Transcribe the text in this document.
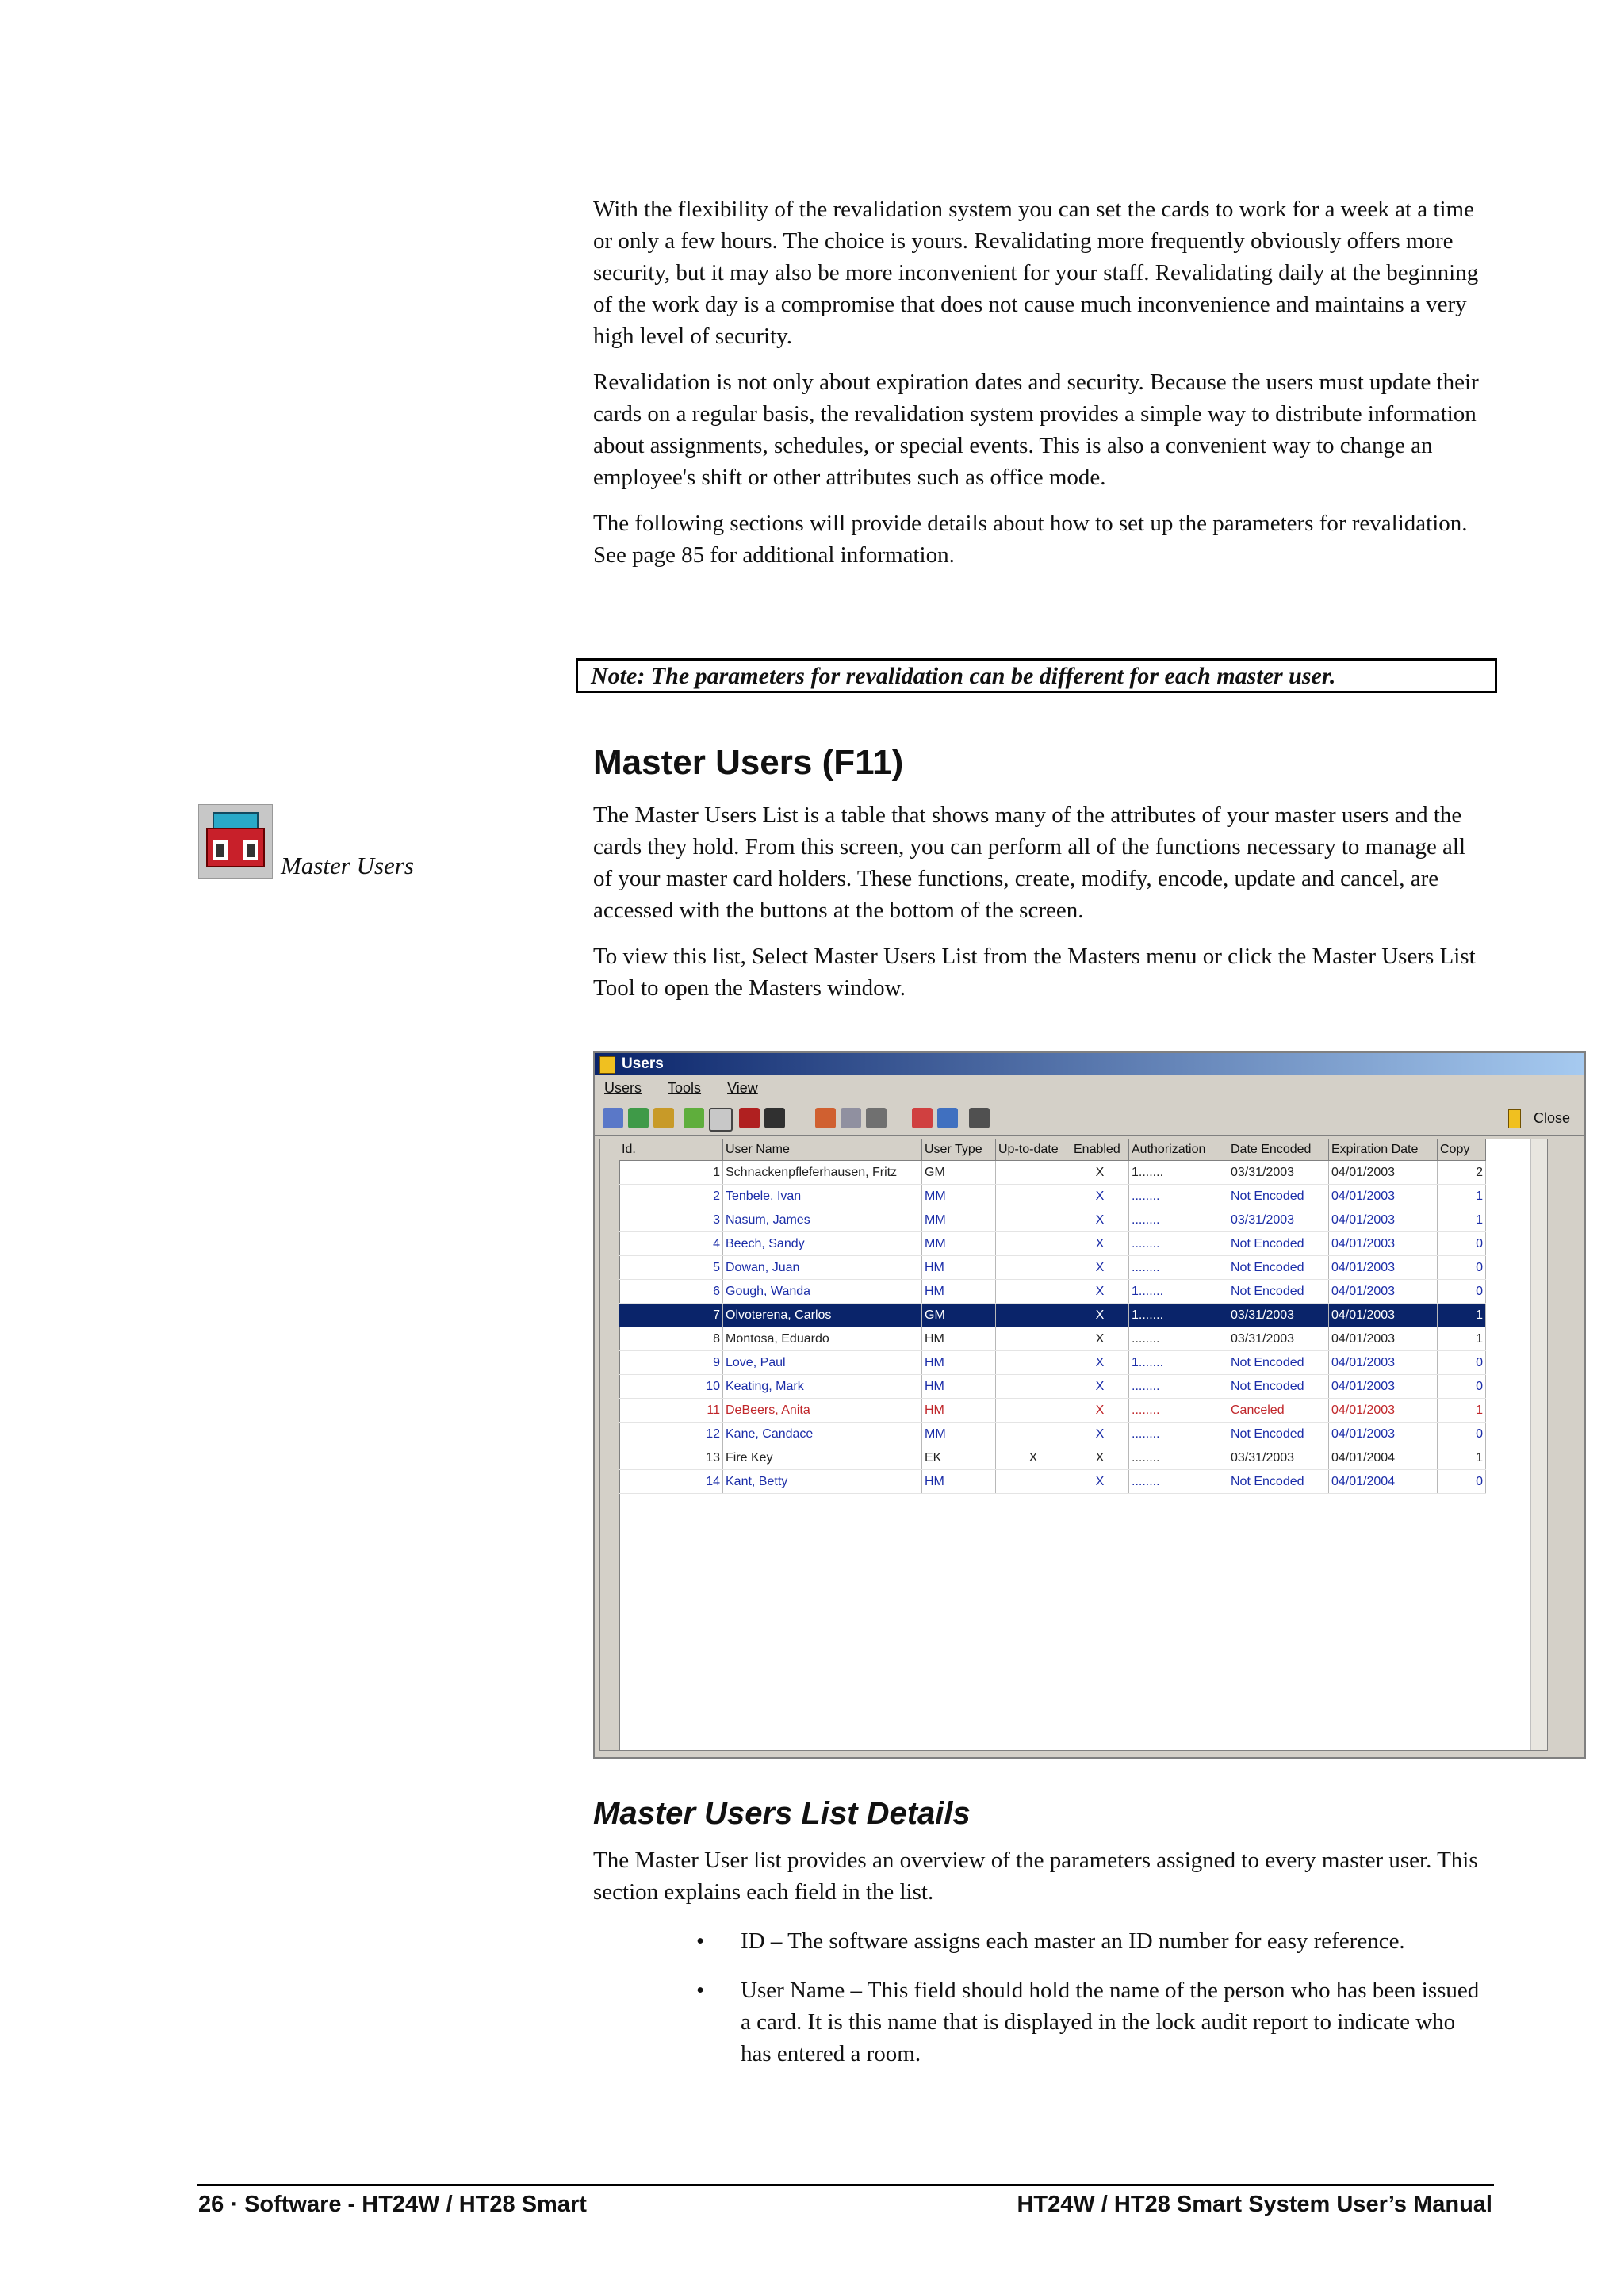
With the flexibility of the revalidation system you can set the cards to work for a week at a time or only a few hours. The choice is yours. Revalidating more frequently obviously offers more security, but it may also be more inconvenient for your staff. Revalidating daily at the beginning of the work day is a compromise that does not cause much inconvenience and maintains a very high level of security.

Revalidation is not only about expiration dates and security. Because the users must update their cards on a regular basis, the revalidation system provides a simple way to distribute information about assignments, schedules, or special events. This is also a convenient way to change an employee's shift or other attributes such as office mode.

The following sections will provide details about how to set up the parameters for revalidation. See page 85 for additional information.

Note: The parameters for revalidation can be different for each master user.
Master Users (F11)
Master Users

The Master Users List is a table that shows many of the attributes of your master users and the cards they hold. From this screen, you can perform all of the functions necessary to manage all of your master card holders. These functions, create, modify, encode, update and cancel, are accessed with the buttons at the bottom of the screen.

To view this list, Select Master Users List from the Masters menu or click the Master Users List Tool to open the Masters window.

Users
Users Tools View
Close
Id.	User Name	User Type	Up-to-date	Enabled	Authorization	Date Encoded	Expiration Date	Copy
1	Schnackenpfleferhausen, Fritz	GM		X	1.......	03/31/2003	04/01/2003	2
2	Tenbele, Ivan	MM		X	........	Not Encoded	04/01/2003	1
3	Nasum, James	MM		X	........	03/31/2003	04/01/2003	1
4	Beech, Sandy	MM		X	........	Not Encoded	04/01/2003	0
5	Dowan, Juan	HM		X	........	Not Encoded	04/01/2003	0
6	Gough, Wanda	HM		X	1.......	Not Encoded	04/01/2003	0
7	Olvoterena, Carlos	GM		X	1.......	03/31/2003	04/01/2003	1
8	Montosa, Eduardo	HM		X	........	03/31/2003	04/01/2003	1
9	Love, Paul	HM		X	1.......	Not Encoded	04/01/2003	0
10	Keating, Mark	HM		X	........	Not Encoded	04/01/2003	0
11	DeBeers, Anita	HM		X	........	Canceled	04/01/2003	1
12	Kane, Candace	MM		X	........	Not Encoded	04/01/2003	0
13	Fire Key	EK	X	X	........	03/31/2003	04/01/2004	1
14	Kant, Betty	HM		X	........	Not Encoded	04/01/2004	0
Master Users List Details

The Master User list provides an overview of the parameters assigned to every master user. This section explains each field in the list.

• ID – The software assigns each master an ID number for easy reference.
• User Name – This field should hold the name of the person who has been issued a card. It is this name that is displayed in the lock audit report to indicate who has entered a room.
26 · Software - HT24W / HT28 Smart	HT24W / HT28 Smart System User’s Manual
